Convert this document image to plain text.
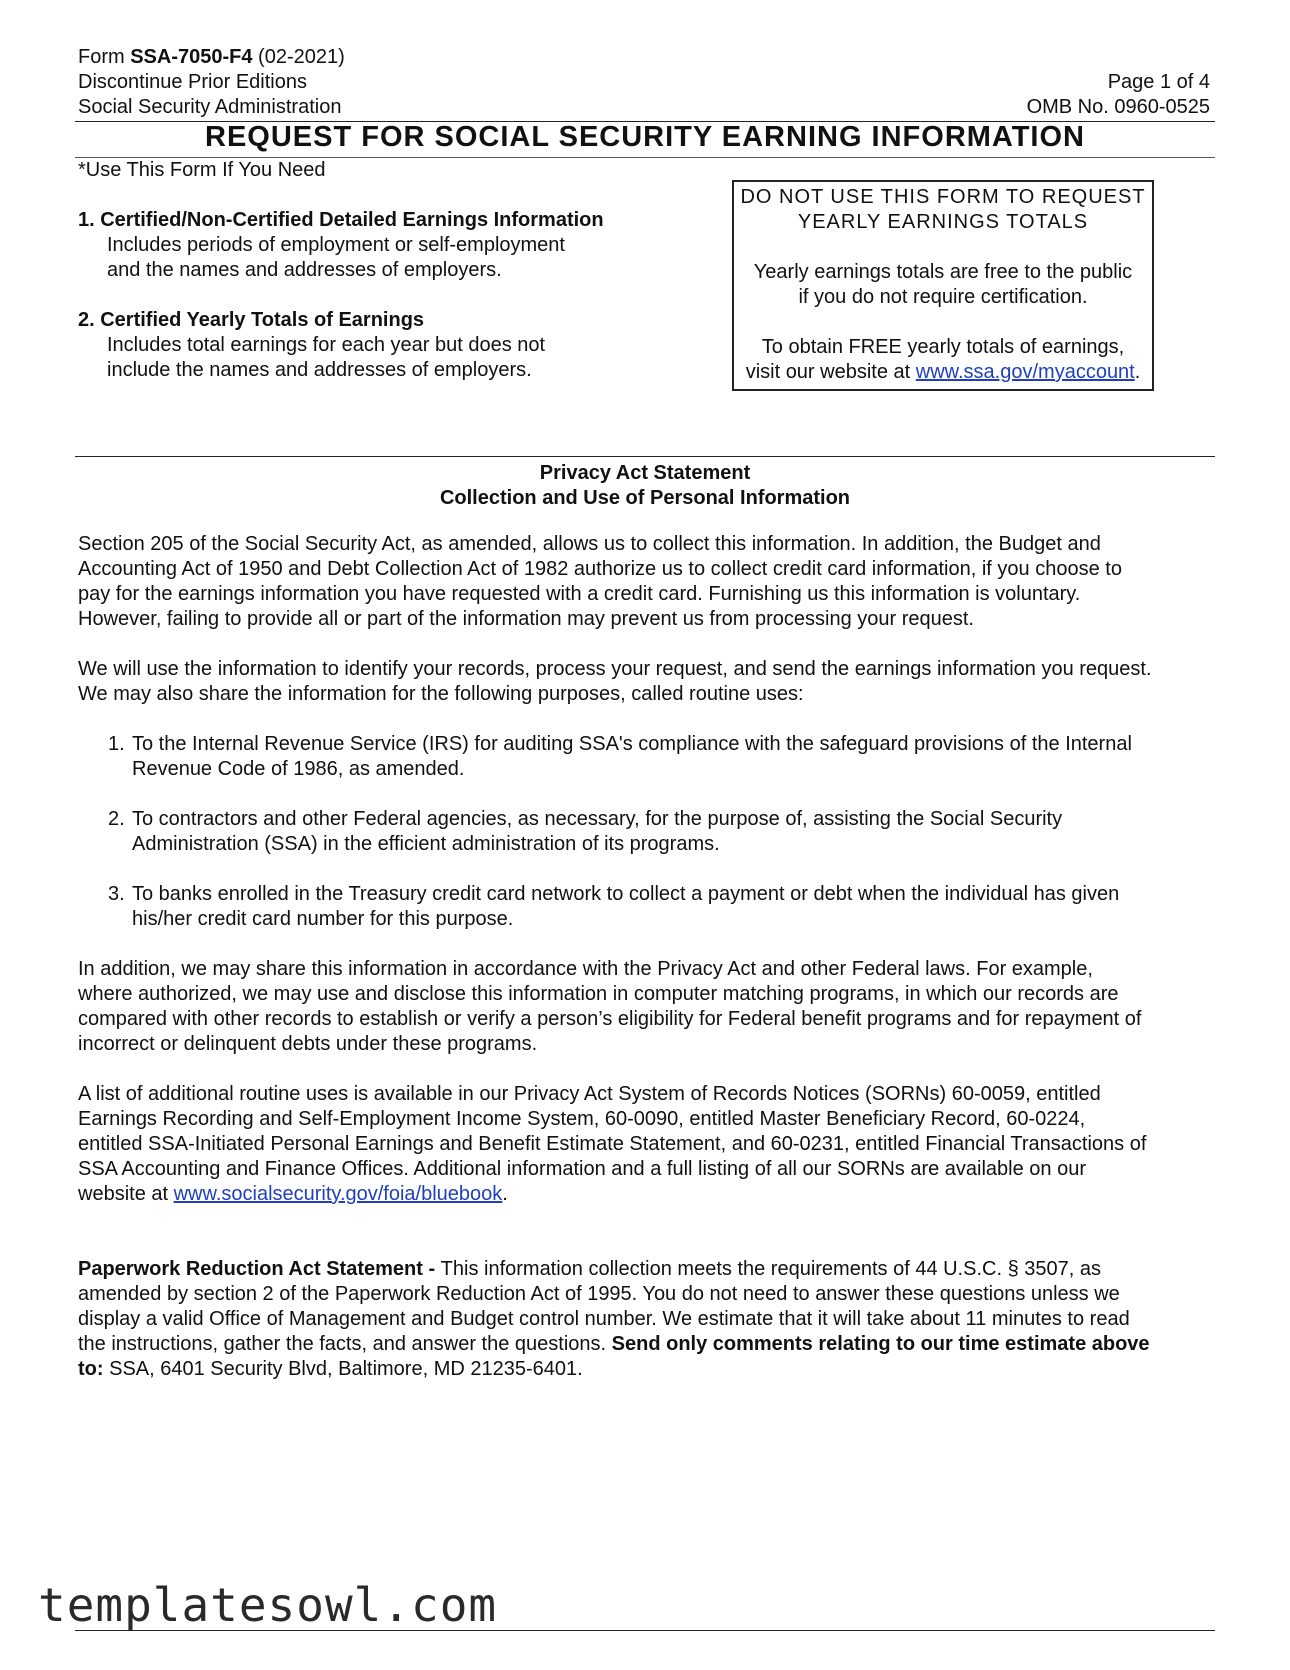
Form SSA-7050-F4 (02-2021)
Discontinue Prior Editions
Social Security Administration
Page 1 of 4
OMB No. 0960-0525
REQUEST FOR SOCIAL SECURITY EARNING INFORMATION
*Use This Form If You Need

1. Certified/Non-Certified Detailed Earnings Information

Includes periods of employment or self-employment

and the names and addresses of employers.

2. Certified Yearly Totals of Earnings

Includes total earnings for each year but does not

include the names and addresses of employers.

DO NOT USE THIS FORM TO REQUEST
YEARLY EARNINGS TOTALS
Yearly earnings totals are free to the public
if you do not require certification.
To obtain FREE yearly totals of earnings,
visit our website at www.ssa.gov/myaccount.
Privacy Act Statement
Collection and Use of Personal Information

Section 205 of the Social Security Act, as amended, allows us to collect this information. In addition, the Budget and

Accounting Act of 1950 and Debt Collection Act of 1982 authorize us to collect credit card information, if you choose to

pay for the earnings information you have requested with a credit card. Furnishing us this information is voluntary.

However, failing to provide all or part of the information may prevent us from processing your request.

We will use the information to identify your records, process your request, and send the earnings information you request.

We may also share the information for the following purposes, called routine uses:

1. To the Internal Revenue Service (IRS) for auditing SSA's compliance with the safeguard provisions of the Internal

Revenue Code of 1986, as amended.

2. To contractors and other Federal agencies, as necessary, for the purpose of, assisting the Social Security

Administration (SSA) in the efficient administration of its programs.

3. To banks enrolled in the Treasury credit card network to collect a payment or debt when the individual has given

his/her credit card number for this purpose.

In addition, we may share this information in accordance with the Privacy Act and other Federal laws. For example,

where authorized, we may use and disclose this information in computer matching programs, in which our records are

compared with other records to establish or verify a person’s eligibility for Federal benefit programs and for repayment of

incorrect or delinquent debts under these programs.

A list of additional routine uses is available in our Privacy Act System of Records Notices (SORNs) 60-0059, entitled

Earnings Recording and Self-Employment Income System, 60-0090, entitled Master Beneficiary Record, 60-0224,

entitled SSA-Initiated Personal Earnings and Benefit Estimate Statement, and 60-0231, entitled Financial Transactions of

SSA Accounting and Finance Offices. Additional information and a full listing of all our SORNs are available on our

website at www.socialsecurity.gov/foia/bluebook.

Paperwork Reduction Act Statement - This information collection meets the requirements of 44 U.S.C. § 3507, as

amended by section 2 of the Paperwork Reduction Act of 1995. You do not need to answer these questions unless we

display a valid Office of Management and Budget control number. We estimate that it will take about 11 minutes to read

the instructions, gather the facts, and answer the questions. Send only comments relating to our time estimate above

to: SSA, 6401 Security Blvd, Baltimore, MD 21235-6401.

templatesowl.com
